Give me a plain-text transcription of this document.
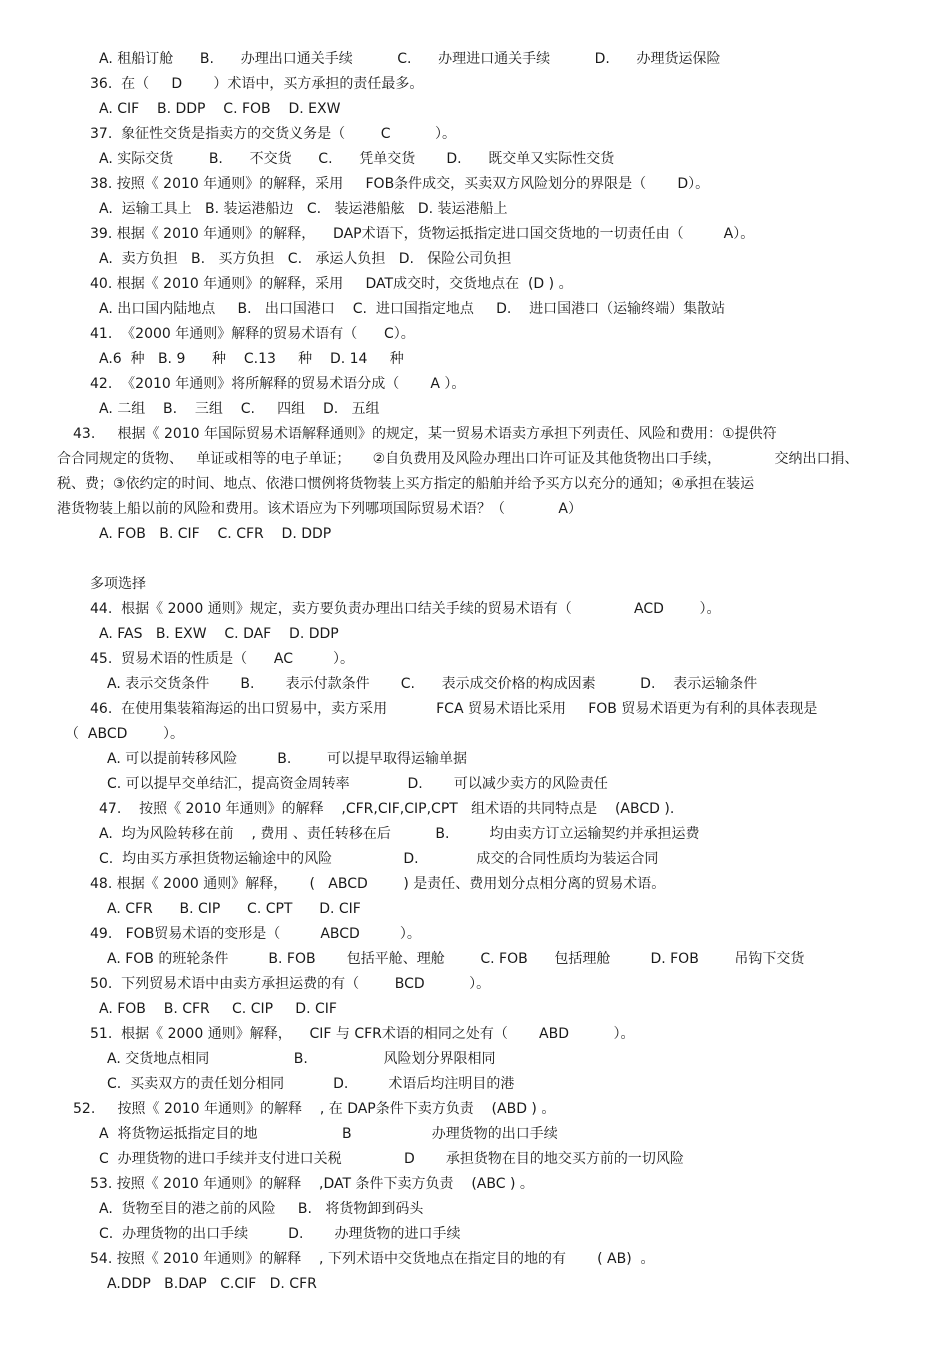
A. 租船订舱      B.      办理出口通关手续          C.      办理进口通关手续          D.      办理货运保险
36.  在（     D       ）术语中，买方承担的责任最多。
A. CIF    B. DDP    C. FOB    D. EXW
37.  象征性交货是指卖方的交货义务是（        C          ）。
A. 实际交货        B.      不交货      C.      凭单交货       D.      既交单又实际性交货
38. 按照《 2010 年通则》的解释，采用     FOB条件成交，买卖双方风险划分的界限是（       D）。
A.  运输工具上   B. 装运港船边   C.   装运港船舷   D. 装运港船上
39. 根据《 2010 年通则》的解释，    DAP术语下，货物运抵指定进口国交货地的一切责任由（         A）。
A.  卖方负担   B.   买方负担   C.   承运人负担   D.   保险公司负担
40. 根据《 2010 年通则》的解释，采用     DAT成交时，交货地点在  (D ) 。
A. 出口国内陆地点     B.   出口国港口    C.  进口国指定地点     D.    进口国港口（运输终端）集散站
41.  《2000 年通则》解释的贸易术语有（      C）。
A.6  种   B. 9      种    C.13     种    D. 14     种
42.  《2010 年通则》将所解释的贸易术语分成（       A ）。
A. 二组    B.    三组    C.     四组    D.   五组
43.     根据《 2010 年国际贸易术语解释通则》的规定，某一贸易术语卖方承担下列责任、风险和费用：①提供符
合合同规定的货物、   单证或相等的电子单证；     ②自负费用及风险办理出口许可证及其他货物出口手续，            交纳出口捐、
税、费；③依约定的时间、地点、依港口惯例将货物装上买方指定的船舶并给予买方以充分的通知；④承担在装运
港货物装上船以前的风险和费用。该术语应为下列哪项国际贸易术语？（            A）
A. FOB   B. CIF    C. CFR    D. DDP
多项选择
44.  根据《 2000 通则》规定，卖方要负责办理出口结关手续的贸易术语有（              ACD        ）。
A. FAS   B. EXW    C. DAF    D. DDP
45.  贸易术语的性质是（      AC         ）。
A. 表示交货条件       B.       表示付款条件       C.      表示成交价格的构成因素          D.    表示运输条件
46.  在使用集装箱海运的出口贸易中，卖方采用           FCA 贸易术语比采用     FOB 贸易术语更为有利的具体表现是
（  ABCD        ）。
A. 可以提前转移风险         B.        可以提早取得运输单据
C. 可以提早交单结汇，提高资金周转率             D.       可以减少卖方的风险责任
47.    按照《 2010 年通则》的解释    ,CFR,CIF,CIP,CPT   组术语的共同特点是    (ABCD ).
A.  均为风险转移在前    , 费用 、责任转移在后          B.         均由卖方订立运输契约并承担运费
C.  均由买方承担货物运输途中的风险                D.             成交的合同性质均为装运合同
48. 根据《 2000 通则》解释，     (   ABCD        ) 是责任、费用划分点相分离的贸易术语。
A. CFR      B. CIP      C. CPT      D. CIF
49.   FOB贸易术语的变形是（         ABCD         ）。
A. FOB 的班轮条件         B. FOB       包括平舱、理舱        C. FOB      包括理舱         D. FOB        吊钩下交货
50.  下列贸易术语中由卖方承担运费的有（        BCD          ）。
A. FOB    B. CFR     C. CIP     D. CIF
51.  根据《 2000 通则》解释，    CIF 与 CFR术语的相同之处有（       ABD          ）。
A. 交货地点相同                   B.                 风险划分界限相同
C.  买卖双方的责任划分相同           D.         术语后均注明目的港
52.     按照《 2010 年通则》的解释    , 在 DAP条件下卖方负责    (ABD ) 。
A  将货物运抵指定目的地                   B                  办理货物的出口手续
C  办理货物的进口手续并支付进口关税              D       承担货物在目的地交买方前的一切风险
53. 按照《 2010 年通则》的解释    ,DAT 条件下卖方负责    (ABC ) 。
A.  货物至目的港之前的风险     B.   将货物卸到码头
C.  办理货物的出口手续         D.       办理货物的进口手续
54. 按照《 2010 年通则》的解释    , 下列术语中交货地点在指定目的地的有       ( AB)  。
A.DDP   B.DAP   C.CIF   D. CFR
